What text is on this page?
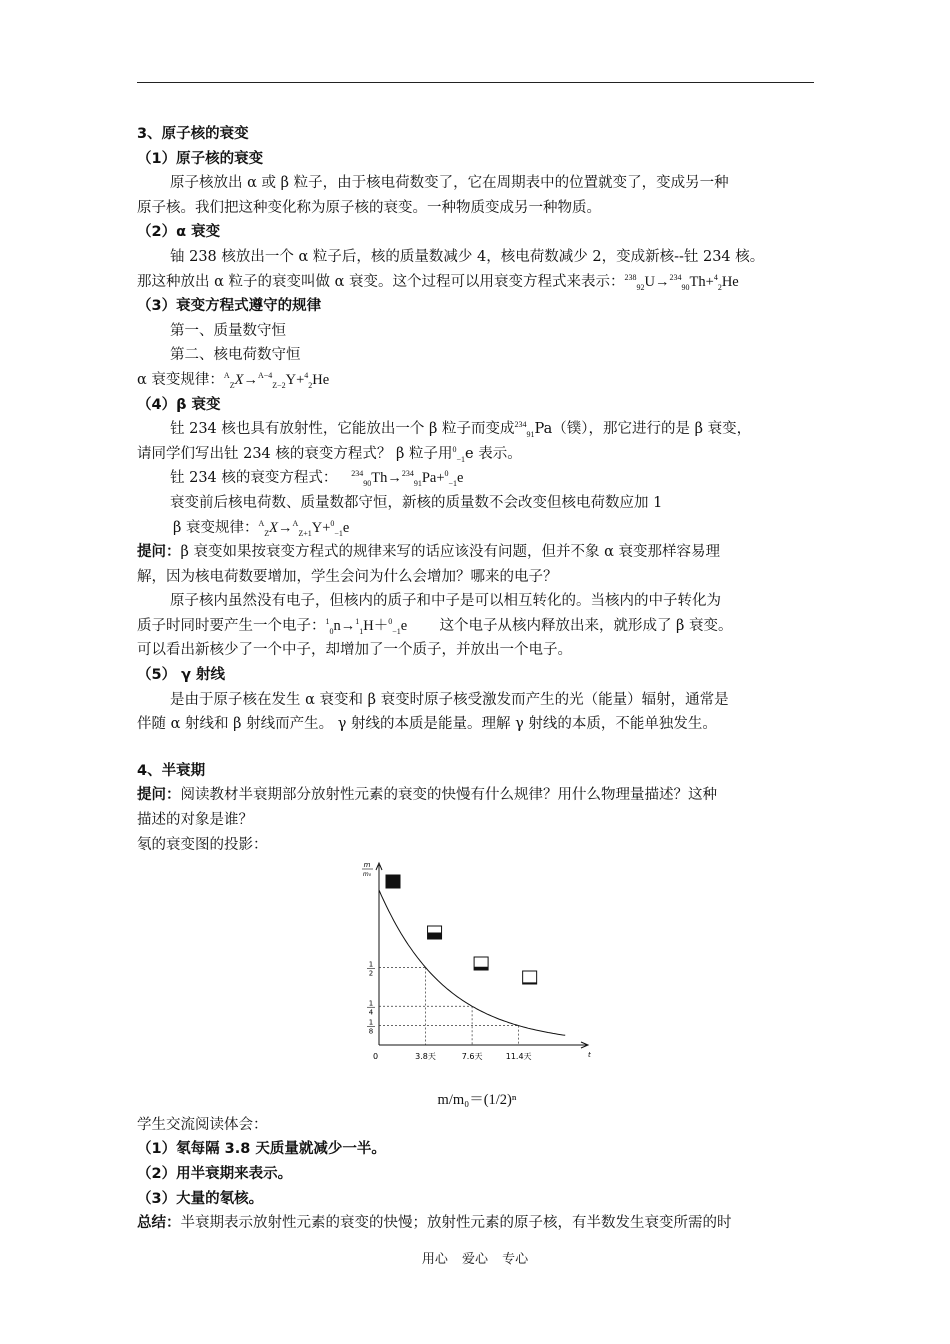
3、原子核的衰变
（1）原子核的衰变
原子核放出 α 或 β 粒子，由于核电荷数变了，它在周期表中的位置就变了，变成另一种
原子核。我们把这种变化称为原子核的衰变。一种物质变成另一种物质。
（2）α 衰变
铀 238 核放出一个 α 粒子后，核的质量数减少 4，核电荷数减少 2，变成新核--钍 234 核。
那这种放出 α 粒子的衰变叫做 α 衰变。这个过程可以用衰变方程式来表示：$^{238}_{92}$U→$^{234}_{90}$Th+$^4_2$He
（3）衰变方程式遵守的规律
第一、质量数守恒
第二、核电荷数守恒
α 衰变规律：$^A_Z$X→$^{A-4}_{Z-2}$Y+$^4_2$He
（4）β 衰变
钍 234 核也具有放射性，它能放出一个 β 粒子而变成$^{234}_{91}$Pa（镤），那它进行的是 β 衰变，
请同学们写出钍 234 核的衰变方程式？ β 粒子用$^0_{-1}$e 表示。
钍 234 核的衰变方程式： $^{234}_{90}$Th→$^{234}_{91}$Pa+$^0_{-1}$e
衰变前后核电荷数、质量数都守恒，新核的质量数不会改变但核电荷数应加 1
β 衰变规律：$^A_Z$X→$^A_{Z+1}$Y+$^0_{-1}$e
提问：β 衰变如果按衰变方程式的规律来写的话应该没有问题，但并不象 α 衰变那样容易理
解，因为核电荷数要增加，学生会问为什么会增加？哪来的电子？
原子核内虽然没有电子，但核内的质子和中子是可以相互转化的。当核内的中子转化为
质子时同时要产生一个电子：$^1_0$n→$^1_1$H＋$^0_{-1}$e 这个电子从核内释放出来，就形成了 β 衰变。
可以看出新核少了一个中子，却增加了一个质子，并放出一个电子。
（5） γ 射线
是由于原子核在发生 α 衰变和 β 衰变时原子核受激发而产生的光（能量）辐射，通常是
伴随 α 射线和 β 射线而产生。 γ 射线的本质是能量。理解 γ 射线的本质，不能单独发生。
4、半衰期
提问：阅读教材半衰期部分放射性元素的衰变的快慢有什么规律？用什么物理量描述？这种
描述的对象是谁？
氡的衰变图的投影：
m
m₀
t
0	3.8天
1
2
7.6天
1
4
11.4天
1
8
m/m₀＝(1/2)ⁿ
学生交流阅读体会：
（1）氡每隔 3.8 天质量就减少一半。
（2）用半衰期来表示。
（3）大量的氡核。
总结：半衰期表示放射性元素的衰变的快慢；放射性元素的原子核，有半数发生衰变所需的时
用心 爱心 专心
